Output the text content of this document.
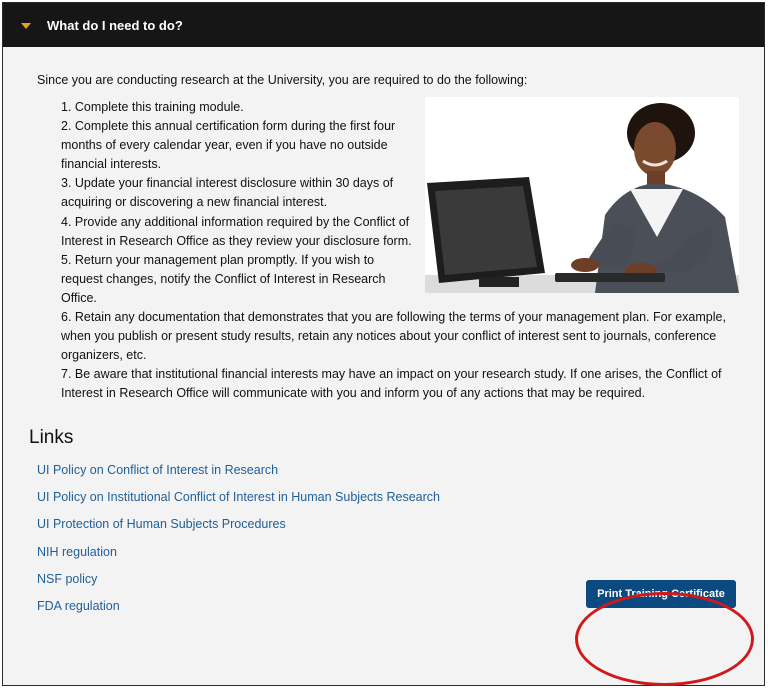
What do I need to do?
Since you are conducting research at the University, you are required to do the following:

1. Complete this training module.

2. Complete this annual certification form during the first four months of every calendar year, even if you have no outside financial interests.

3. Update your financial interest disclosure within 30 days of acquiring or discovering a new financial interest.

4. Provide any additional information required by the Conflict of Interest in Research Office as they review your disclosure form.

5. Return your management plan promptly. If you wish to request changes, notify the Conflict of Interest in Research Office.

6. Retain any documentation that demonstrates that you are following the terms of your management plan. For example, when you publish or present study results, retain any notices about your conflict of interest sent to journals, conference organizers, etc.

7. Be aware that institutional financial interests may have an impact on your research study. If one arises, the Conflict of Interest in Research Office will communicate with you and inform you of any actions that may be required.

Links
UI Policy on Conflict of Interest in Research
UI Policy on Institutional Conflict of Interest in Human Subjects Research
UI Protection of Human Subjects Procedures
NIH regulation
NSF policy
FDA regulation
Print Training Certificate
